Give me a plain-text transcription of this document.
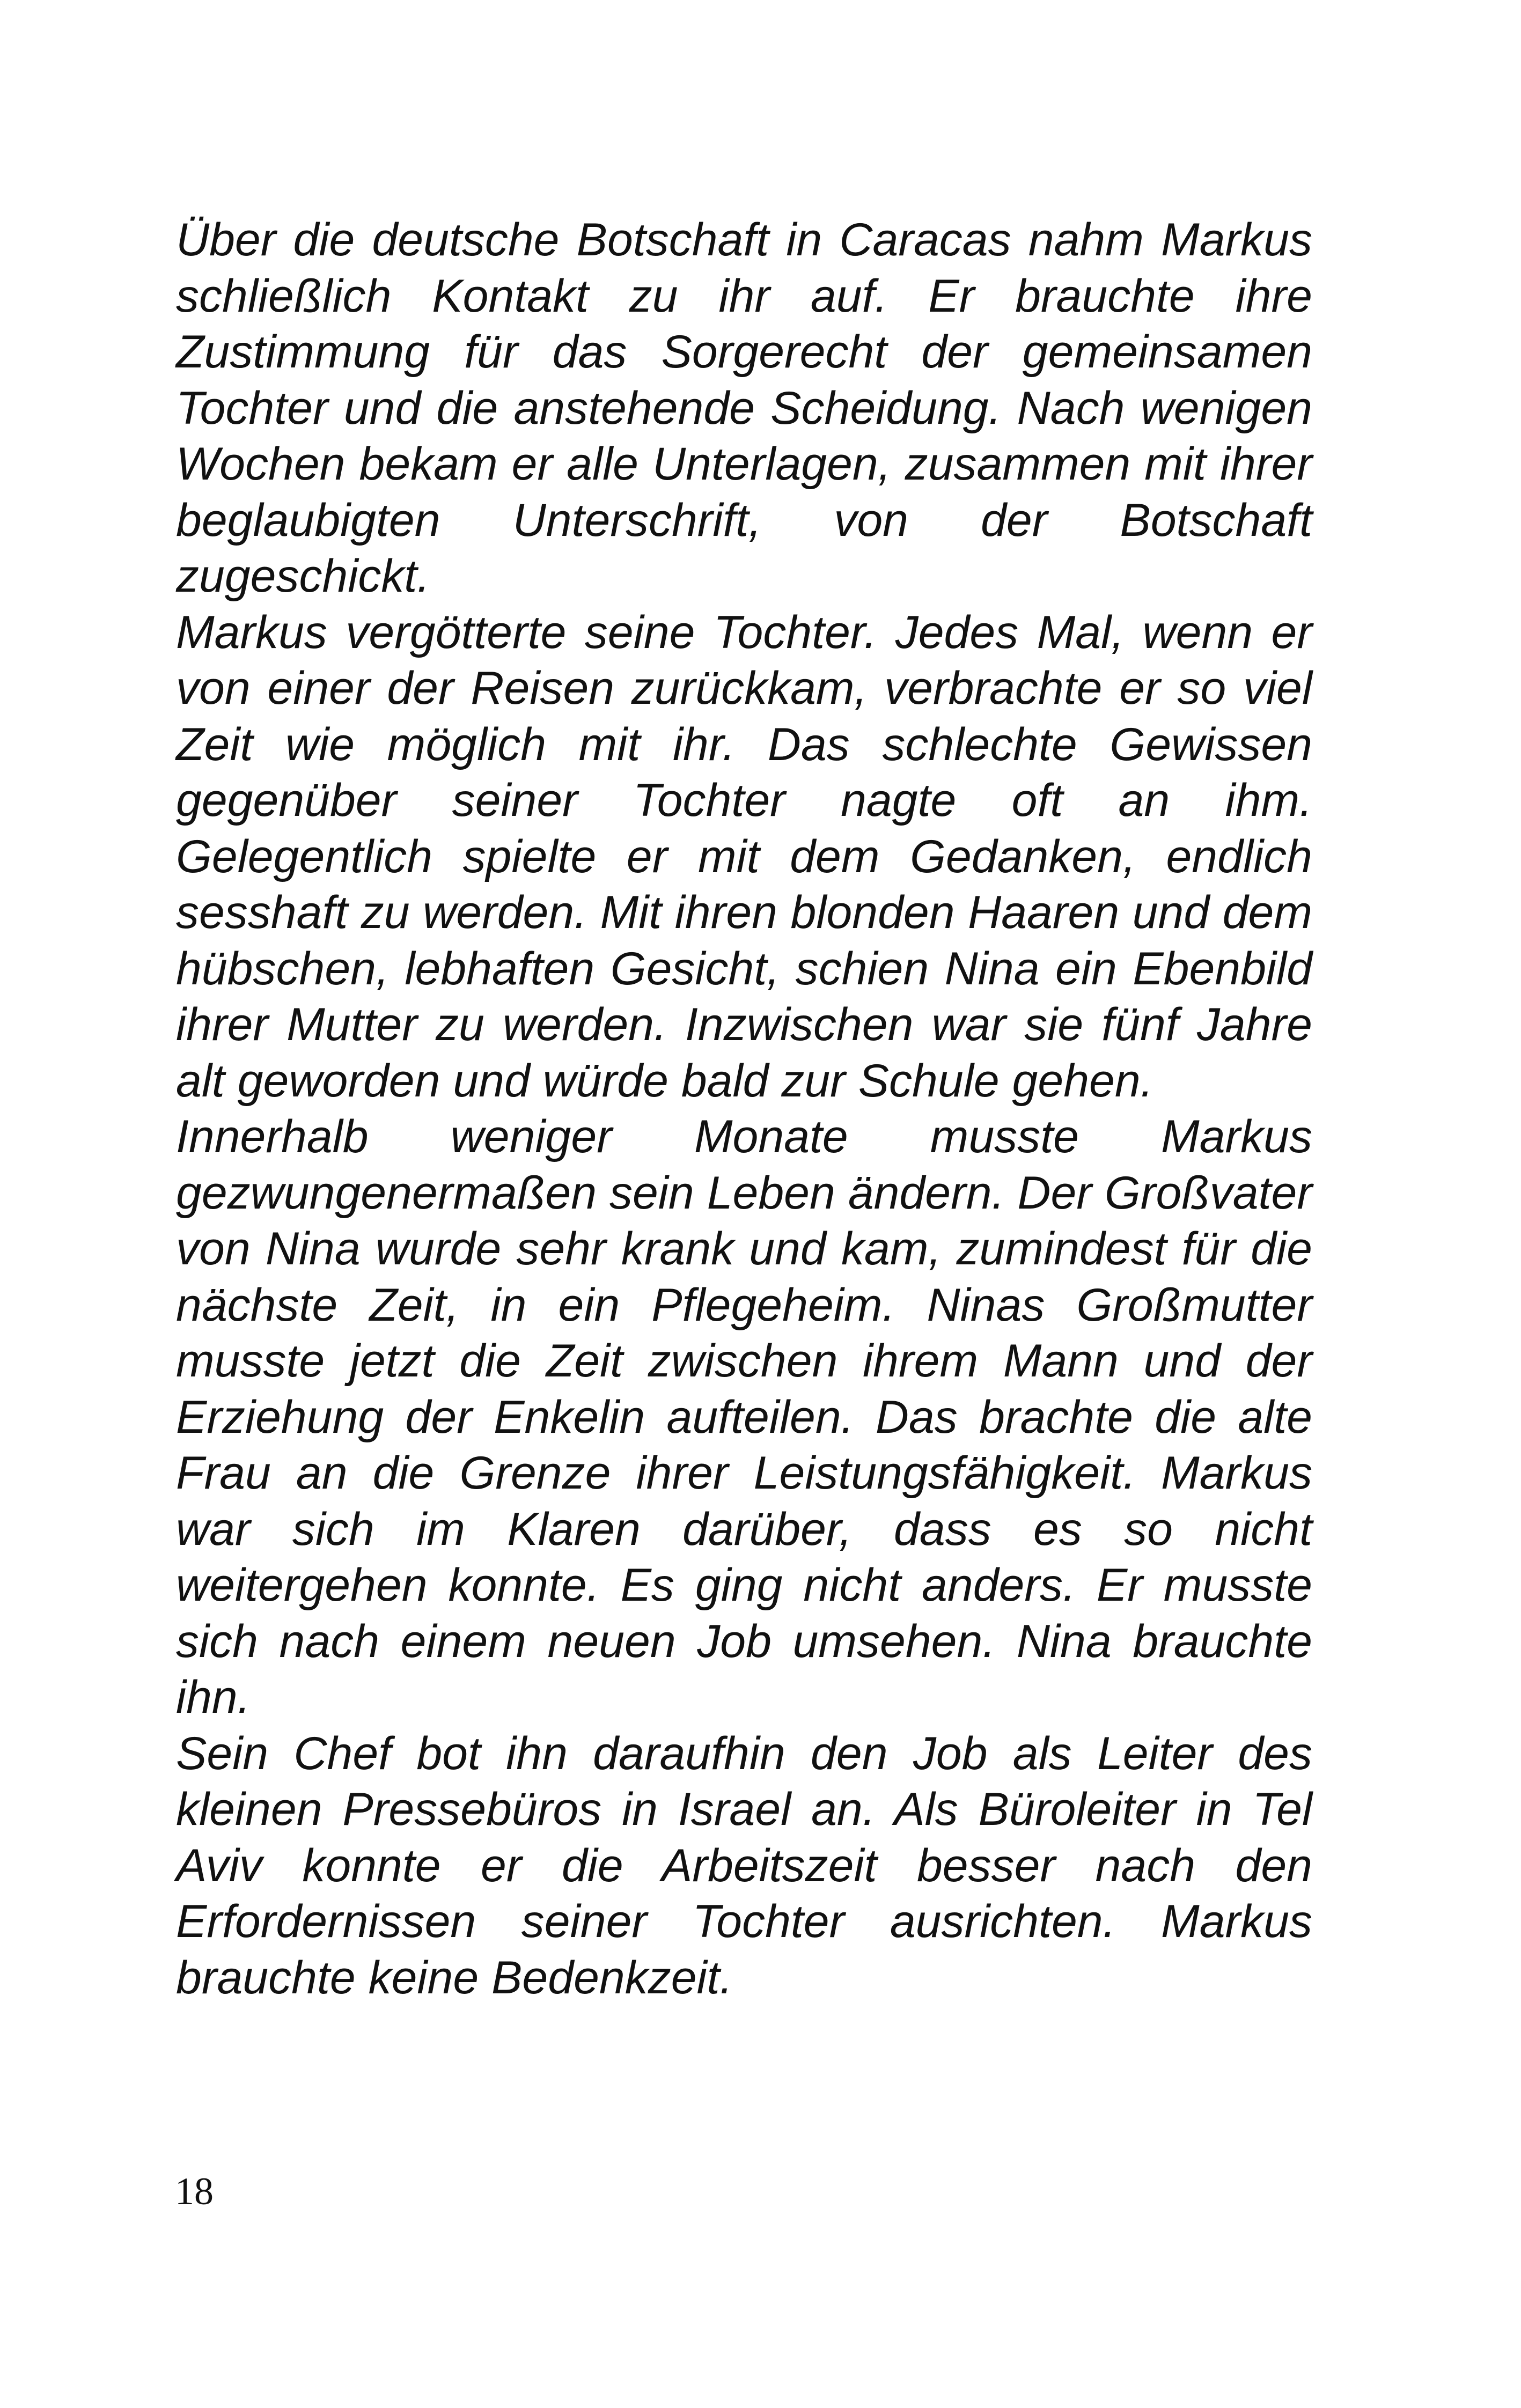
Über die deutsche Botschaft in Caracas nahm Markus schließlich Kontakt zu ihr auf. Er brauchte ihre Zustimmung für das Sorgerecht der gemeinsamen Tochter und die anstehende Scheidung. Nach wenigen Wochen bekam er alle Unterlagen, zusammen mit ihrer beglaubigten Unterschrift, von der Botschaft zugeschickt.

Markus vergötterte seine Tochter. Jedes Mal, wenn er von einer der Reisen zurückkam, verbrachte er so viel Zeit wie möglich mit ihr. Das schlechte Gewissen gegenüber seiner Tochter nagte oft an ihm. Gelegentlich spielte er mit dem Gedanken, endlich sesshaft zu werden. Mit ihren blonden Haaren und dem hübschen, lebhaften Gesicht, schien Nina ein Ebenbild ihrer Mutter zu werden. Inzwischen war sie fünf Jahre alt geworden und würde bald zur Schule gehen.

Innerhalb weniger Monate musste Markus gezwungenermaßen sein Leben ändern. Der Großvater von Nina wurde sehr krank und kam, zumindest für die nächste Zeit, in ein Pflegeheim. Ninas Großmutter musste jetzt die Zeit zwischen ihrem Mann und der Erziehung der Enkelin aufteilen. Das brachte die alte Frau an die Grenze ihrer Leistungsfähigkeit. Markus war sich im Klaren darüber, dass es so nicht weitergehen konnte. Es ging nicht anders. Er musste sich nach einem neuen Job umsehen. Nina brauchte ihn.

Sein Chef bot ihn daraufhin den Job als Leiter des kleinen Pressebüros in Israel an. Als Büroleiter in Tel Aviv konnte er die Arbeitszeit besser nach den Erfordernissen seiner Tochter ausrichten. Markus brauchte keine Bedenkzeit.

18
